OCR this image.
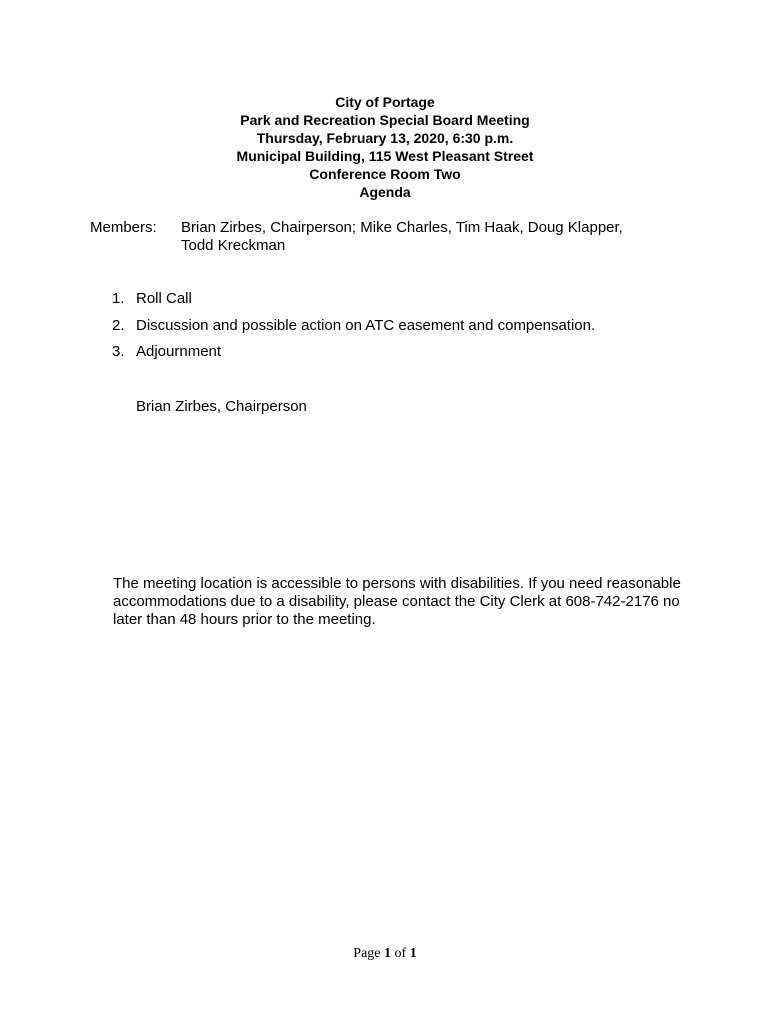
City of Portage
Park and Recreation Special Board Meeting
Thursday, February 13, 2020, 6:30 p.m.
Municipal Building, 115 West Pleasant Street
Conference Room Two
Agenda
Members: Brian Zirbes, Chairperson; Mike Charles, Tim Haak, Doug Klapper,
Todd Kreckman
1. Roll Call
2. Discussion and possible action on ATC easement and compensation.
3. Adjournment
Brian Zirbes, Chairperson
The meeting location is accessible to persons with disabilities. If you need reasonable accommodations due to a disability, please contact the City Clerk at 608-742-2176 no later than 48 hours prior to the meeting.
Page 1 of 1
